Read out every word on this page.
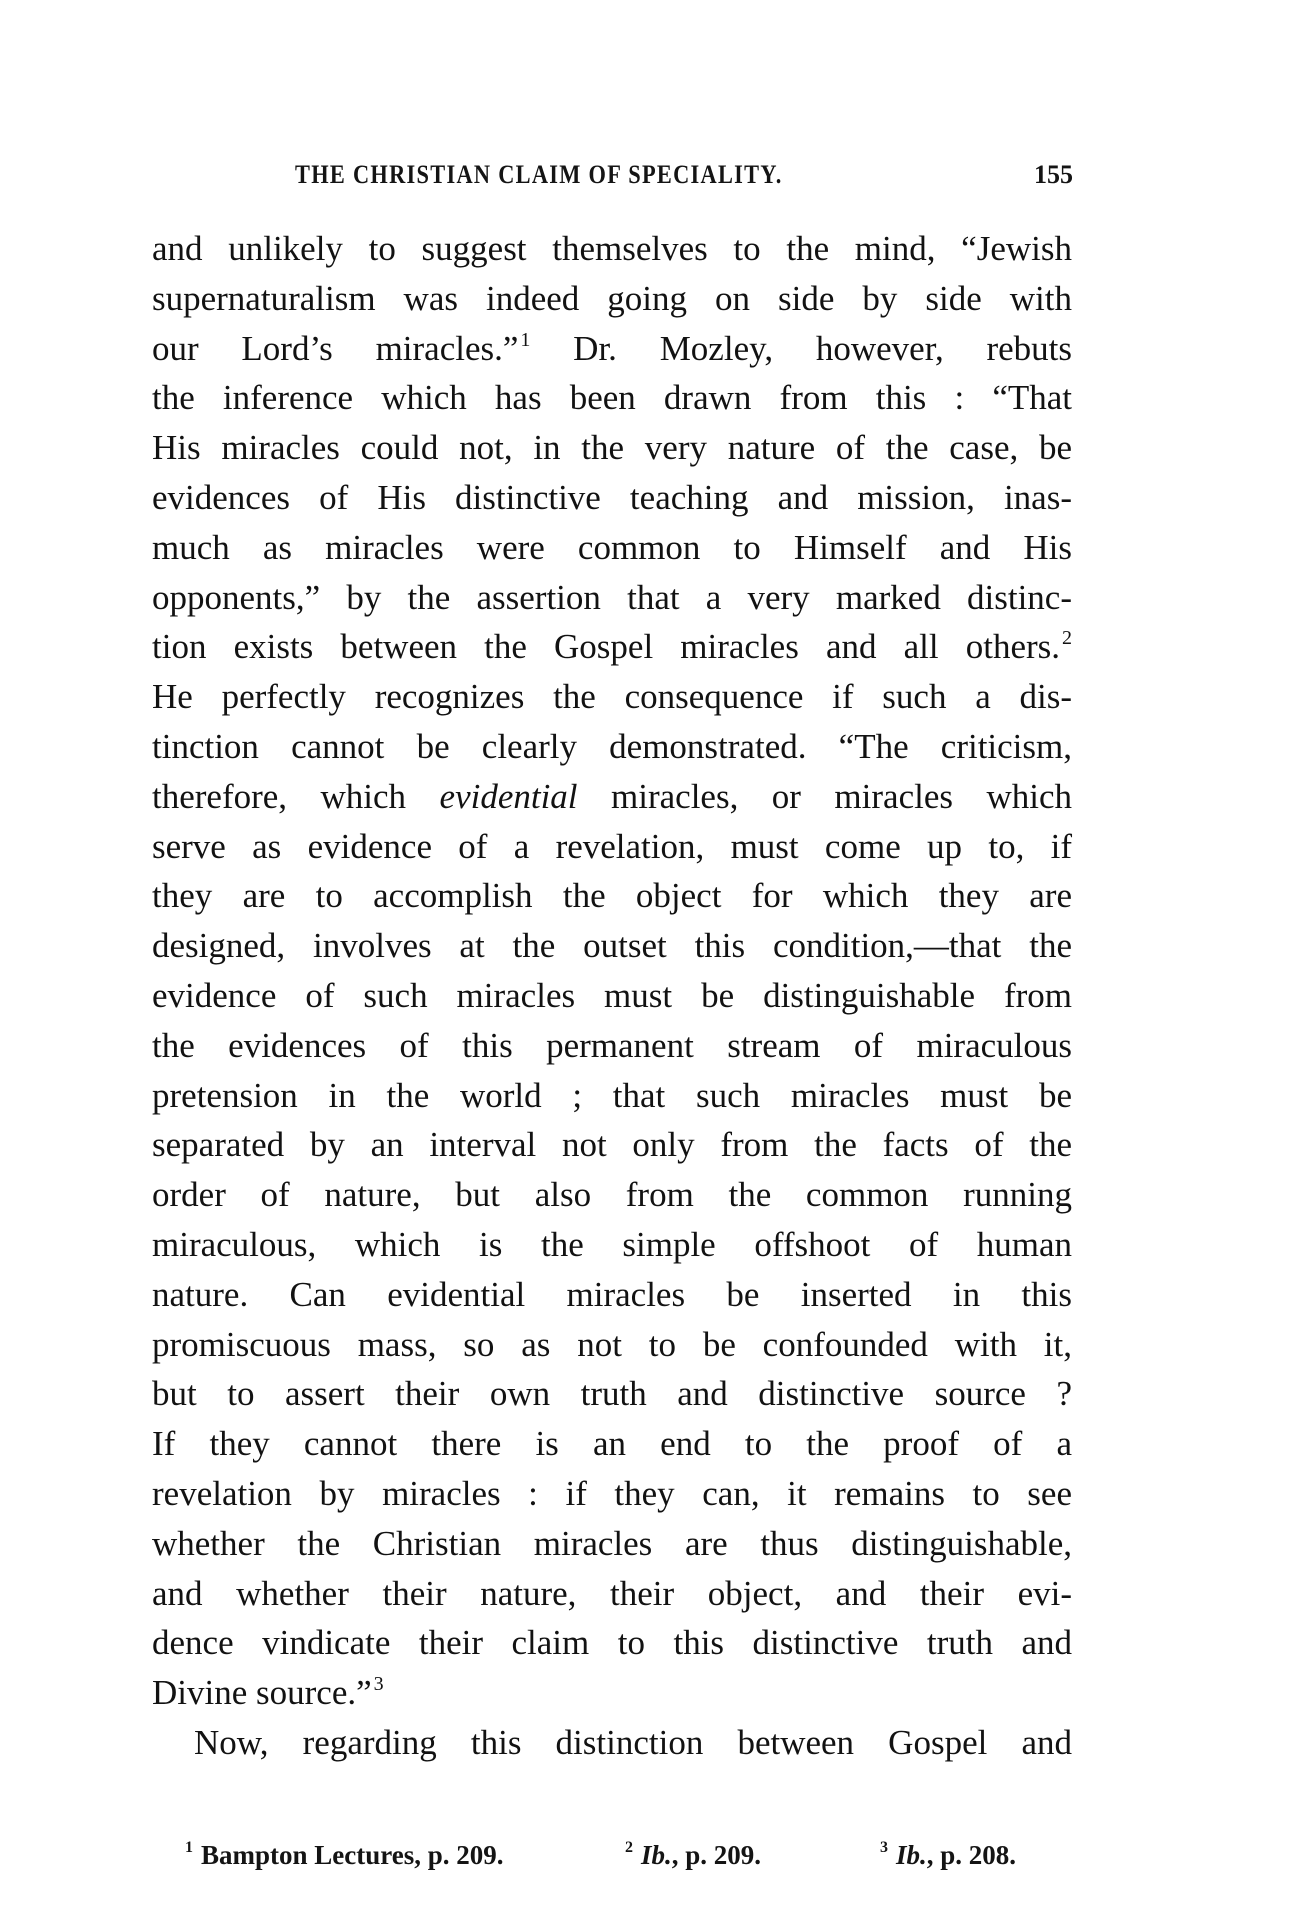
THE CHRISTIAN CLAIM OF SPECIALITY.	155
and unlikely to suggest themselves to the mind, “Jewish
supernaturalism was indeed going on side by side with
our Lord’s miracles.” $^1$ Dr. Mozley, however, rebuts
the inference which has been drawn from this : “That
His miracles could not, in the very nature of the case, be
evidences of His distinctive teaching and mission, inas-
much as miracles were common to Himself and His
opponents,” by the assertion that a very marked distinc-
tion exists between the Gospel miracles and all others. $^2$
He perfectly recognizes the consequence if such a dis-
tinction cannot be clearly demonstrated. “The criticism,
therefore, which evidential miracles, or miracles which
serve as evidence of a revelation, must come up to, if
they are to accomplish the object for which they are
designed, involves at the outset this condition,—that the
evidence of such miracles must be distinguishable from
the evidences of this permanent stream of miraculous
pretension in the world ; that such miracles must be
separated by an interval not only from the facts of the
order of nature, but also from the common running
miraculous, which is the simple offshoot of human
nature. Can evidential miracles be inserted in this
promiscuous mass, so as not to be confounded with it,
but to assert their own truth and distinctive source ?
If they cannot there is an end to the proof of a
revelation by miracles : if they can, it remains to see
whether the Christian miracles are thus distinguishable,
and whether their nature, their object, and their evi-
dence vindicate their claim to this distinctive truth and
Divine source.” $^3$
Now, regarding this distinction between Gospel and
$^1$ Bampton Lectures, p. 209.	$^2$ Ib., p. 209.	$^3$ Ib., p. 208.
